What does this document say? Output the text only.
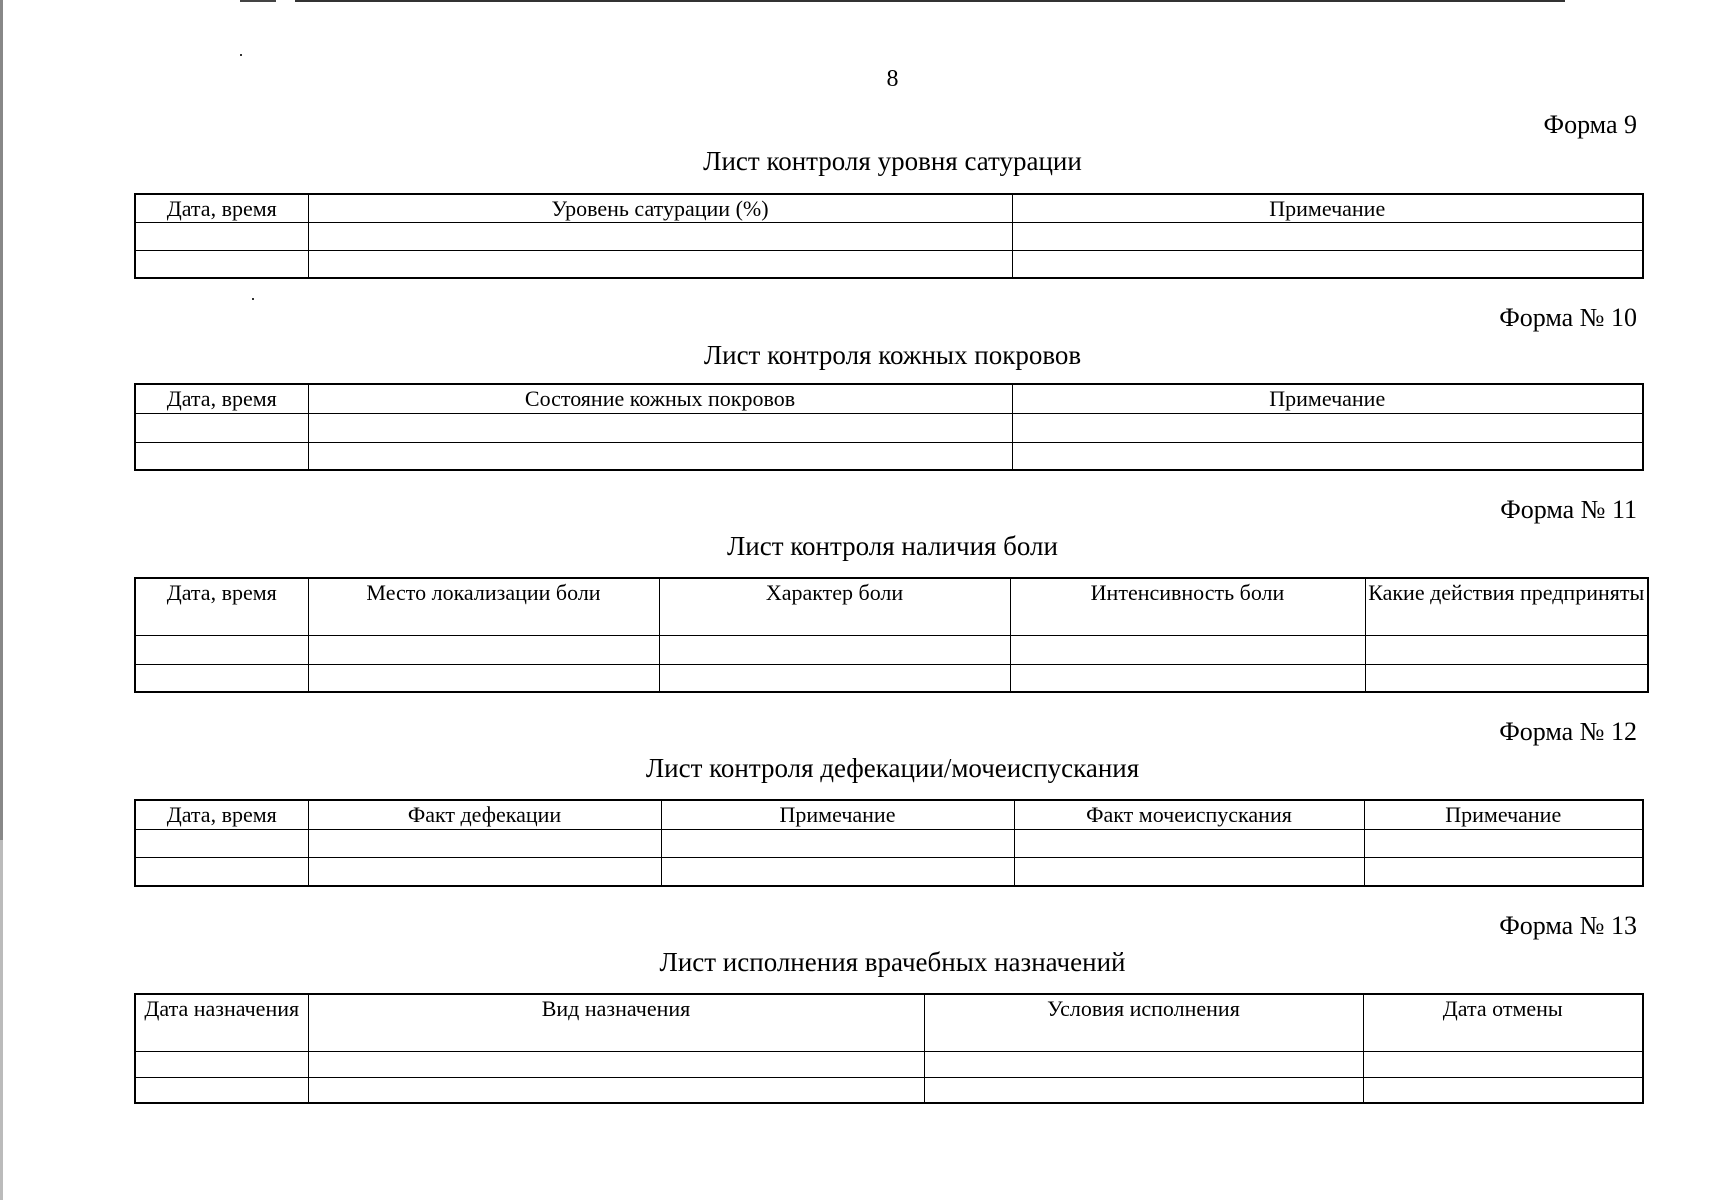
8
Форма 9
Лист контроля уровня сатурации
Дата, время	Уровень сатурации (%)	Примечание

Форма № 10
Лист контроля кожных покровов
Дата, время	Состояние кожных покровов	Примечание

Форма № 11
Лист контроля наличия боли
Дата, время	Место локализации боли	Характер боли	Интенсивность боли	Какие действия предприняты

Форма № 12
Лист контроля дефекации/мочеиспускания
Дата, время	Факт дефекации	Примечание	Факт мочеиспускания	Примечание

Форма № 13
Лист исполнения врачебных назначений
Дата назначения	Вид назначения	Условия исполнения	Дата отмены
